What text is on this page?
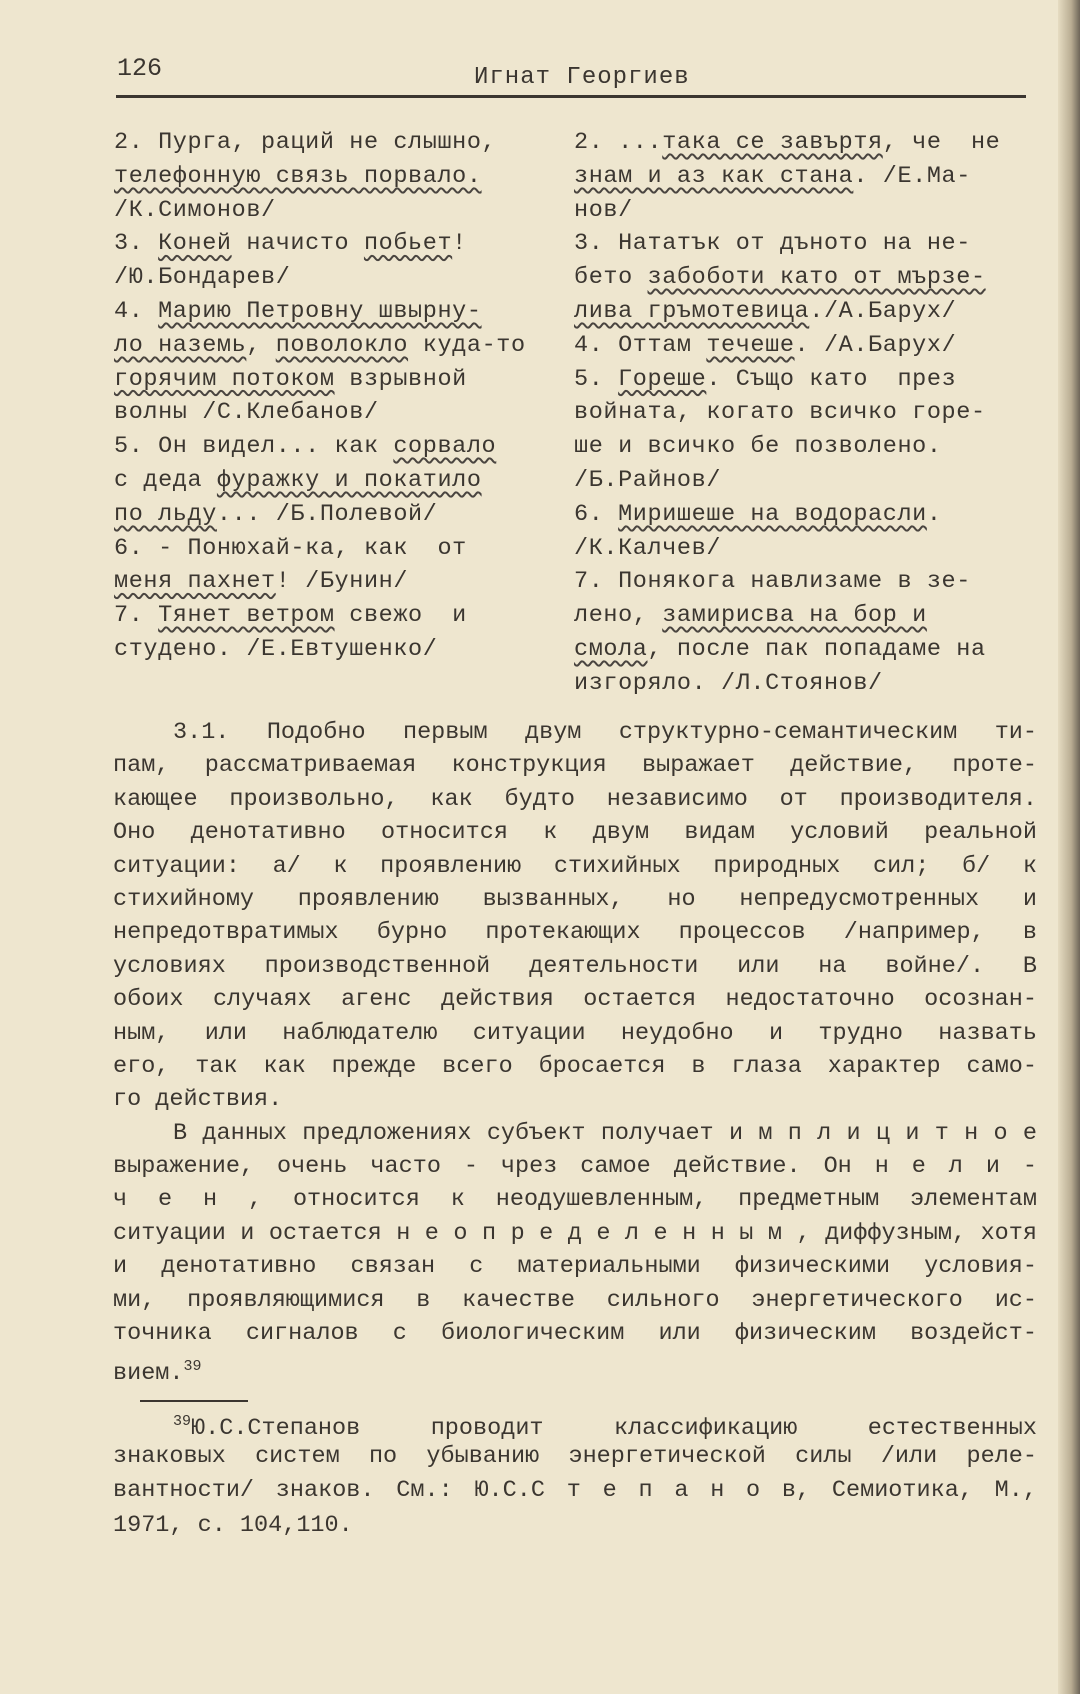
126	Игнат Георгиев
2. Пурга, раций не слышно,
телефонную связь порвало.
/К.Симонов/
3. Коней начисто побьет!
/Ю.Бондарев/
4. Марию Петровну швырну-
ло наземь, поволокло куда-то
горячим потоком взрывной
волны /С.Клебанов/
5. Он видел... как сорвало
с деда фуражку и покатило
по льду... /Б.Полевой/
6. - Понюхай-ка, как  от
меня пахнет! /Бунин/
7. Тянет ветром свежо  и
студено. /Е.Евтушенко/
2. ...така се завъртя, че  не
знам и аз как стана. /Е.Ма-
нов/
3. Нататък от дъното на не-
бето забоботи като от мързе-
лива гръмотевица./А.Барух/
4. Оттам течеше. /А.Барух/
5. Гореше. Също като  през
войната, когато всичко горе-
ше и всичко бе позволено.
/Б.Райнов/
6. Миришеше на водорасли.
/К.Калчев/
7. Понякога навлизаме в зе-
лено, замирисва на бор и
смола, после пак попадаме на
изгоряло. /Л.Стоянов/
3.1. Подобно первым двум структурно-семантическим ти-
пам, рассматриваемая конструкция выражает действие, проте-
кающее произвольно, как будто независимо от производителя.
Оно денотативно относится к двум видам условий реальной
ситуации: а/ к проявлению стихийных природных сил; б/ к
стихийному проявлению вызванных, но непредусмотренных и
непредотвратимых бурно протекающих процессов /например, в
условиях производственной деятельности или на войне/. В
обоих случаях агенс действия остается недостаточно осознан-
ным, или наблюдателю ситуации неудобно и трудно назвать
его, так как прежде всего бросается в глаза характер само-
го действия.
В данных предложениях субъект получает и м п л и ц и т н о е
выражение, очень часто - чрез самое действие. Он н е л и -
ч е н , относится к неодушевленным, предметным элементам
ситуации и остается н е о п р е д е л е н н ы м , диффузным, хотя
и денотативно связан с материальными физическими условия-
ми, проявляющимися в качестве сильного энергетического ис-
точника сигналов с биологическим или физическим воздейст-
вием.$^{39}$
$^{39}$Ю.С.Степанов проводит классификацию естественных
знаковых систем по убыванию энергетической силы /или реле-
вантности/ знаков. См.: Ю.С.С т е п а н о в, Семиотика, М.,
1971, с. 104,110.
